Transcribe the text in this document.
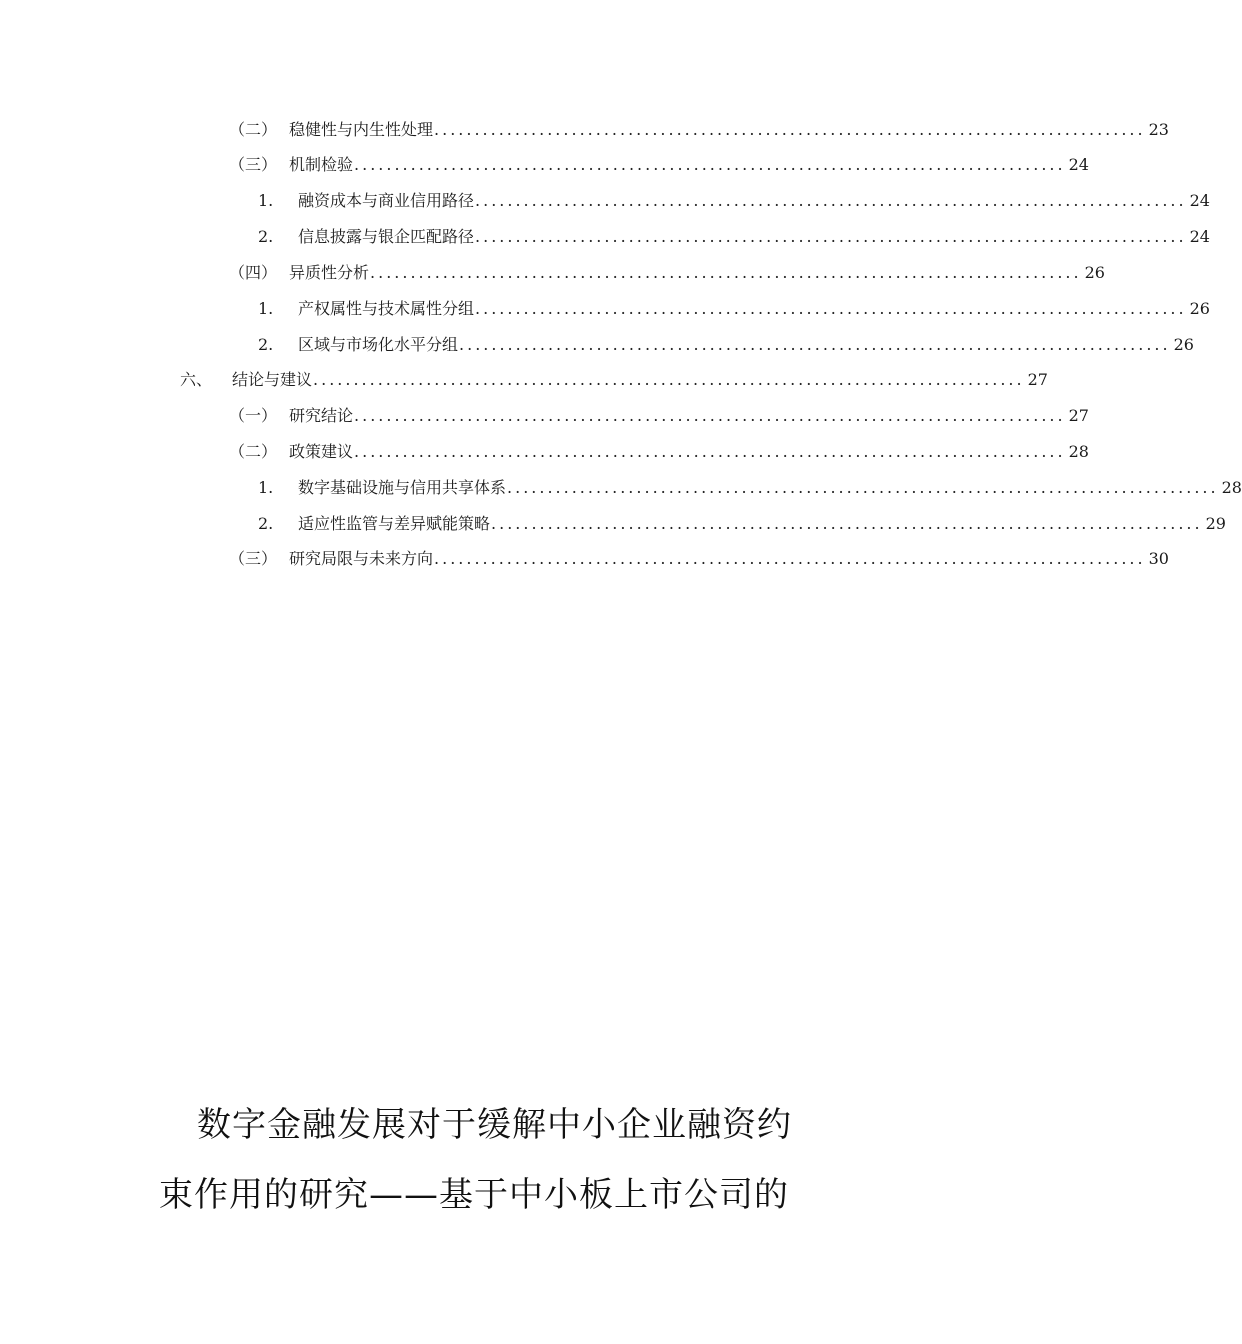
（二） 稳健性与内生性处理 ........................................................................................ 23
（三） 机制检验 ........................................................................................ 24
1.	融资成本与商业信用路径 ........................................................................................ 24
2.	信息披露与银企匹配路径 ........................................................................................ 24
（四） 异质性分析 ........................................................................................ 26
1.	产权属性与技术属性分组 ........................................................................................ 26
2.	区域与市场化水平分组 ........................................................................................ 26
六、	结论与建议 ........................................................................................ 27
（一） 研究结论 ........................................................................................ 27
（二） 政策建议 ........................................................................................ 28
1.	数字基础设施与信用共享体系 ........................................................................................ 28
2.	适应性监管与差异赋能策略 ........................................................................................ 29
（三） 研究局限与未来方向 ........................................................................................ 30
数字金融发展对于缓解中小企业融资约
束作用的研究——基于中小板上市公司的
